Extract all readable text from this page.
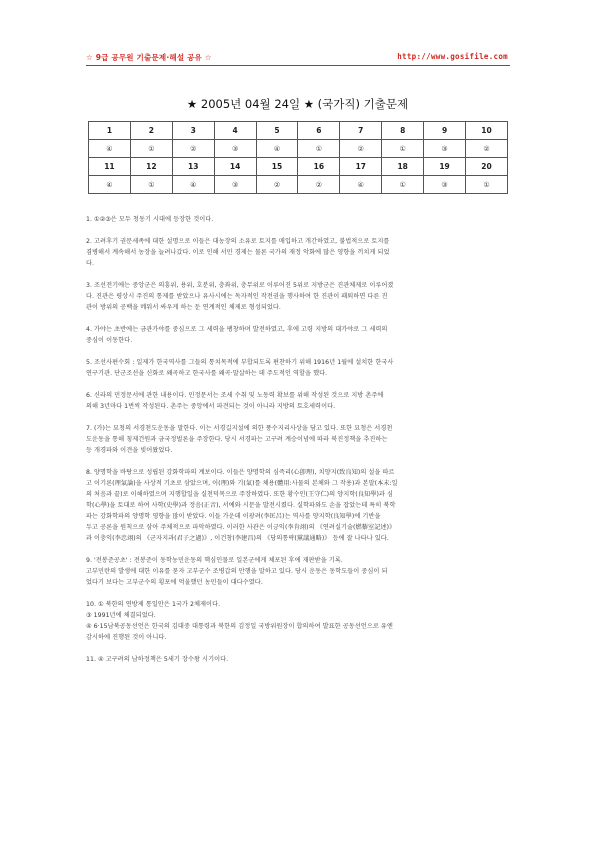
☆ 9급 공무원 기출문제·해설 공유 ☆	http://www.gosifile.com
★ 2005년 04월 24일 ★ (국가직) 기출문제
1	2	3	4	5	6	7	8	9	10
④	①	②	③	④	①	②	①	③	②
11	12	13	14	15	16	17	18	19	20
④	①	④	③	②	②	④	①	③	①
1. ①②③은 모두 청동기 시대에 등장한 것이다.
2. 고려후기 권문세족에 대한 설명으로 이들은 대농장의 소유로 토지를 매입하고 개간하였고, 불법적으로 토지를
겸병해서 계속해서 농장을 늘려나갔다. 이로 인해 서민 경제는 물론 국가의 재정 악화에 많은 영향을 끼치게 되었
다.
3. 조선전기에는 중앙군은 의흥위, 용위, 호분위, 충좌위, 충무위로 이루어진 5위로 지방군은 진관체제로 이루어졌
다. 진관은 평상시 주진의 통제를 받았으나 유사시에는 독자적인 작전권을 행사하여 한 진관이 패퇴하면 다른 진
관이 방위의 공백을 메워서 싸우게 하는 둔 연계적인 체제로 형성되었다.
4. 가야는 초반에는 금관가야를 중심으로 그 세력을 팽창하며 발전하였고, 후에 고령 지방의 대가야로 그 세력의
중심이 이동한다.
5. 조선사편수회 : 일제가 한국역사를 그들의 통치목적에 부합되도록 편찬하기 위해 1916년 1월에 설치한 한국사
연구기관. 단군조선을 신화로 왜곡하고 한국사를 왜곡·말살하는 데 주도적인 역할을 했다.
6. 신라의 민정문서에 관한 내용이다. 민정문서는 조세 수취 및 노동력 확보를 위해 작성된 것으로 지방 촌주에
의해 3년마다 1번씩 작성된다. 촌주는 중앙에서 파견되는 것이 아니라 지방의 토호세력이다.
7. (가)는 묘청의 서경천도운동을 말한다. 이는 서경길지설에 의한 풍수지리사상을 담고 있다. 또한 묘청은 서경천
도운동을 통해 칭제건원과 금국정벌론을 주장한다. 당시 서경파는 고구려 계승이념에 따라 북진정책을 추진하는
등 개경파와 이견을 빚어왔었다.
8. 양명학을 바탕으로 성립된 강화학파의 계보이다. 이들은 양명학의 심즉리(心卽理), 치양지(致良知)의 설을 따르
고 이기론(理氣論)을 사상적 기초로 삼았으며, 이(理)와 기(氣)를 체용(體用:사물의 본체와 그 작용)과 본말(本末:일
의 처음과 끝)로 이해하였으며 지행합일을 실천덕목으로 주장하였다. 또한 황수인(王守仁)의 양지학(良知學)과 심
학(心學)을 토대로 하여 사학(史學)과 정음(正音), 서예와 시문을 발전시켰다. 실학파와도 손을 잡았는데 특히 북학
파는 강화학파의 양명학 영향을 많이 받았다. 이들 가운데 이광려(李匡呂)는 역사를 양지학(良知學)에 기반을
두고 공론을 원칙으로 삼아 주체적으로 파악하였다. 이러한 사관은 이긍익(李肯翊)의 《연려실기술(燃藜室記述)》
과 이충익(李忠翊)의 《군자지과(君子之過)》, 이건창(李建昌)의 《당의통략(黨議通略)》 등에 잘 나타나 있다.
9. '전봉준공초' : 전봉준이 동학농민운동의 핵심인물로 일본군에게 체포된 후에 재판받을 기록.
고부민란의 발생에 대한 이유를 묻자 고부군수 조병갑의 만행을 말하고 있다. 당시 운동은 동학도들이 중심이 되
었다기 보다는 고부군수의 횡포에 억울했던 농민들이 대다수였다.
10. ① 북한의 연방제 통일안은 1국가 2체제이다.
③ 1991년에 체결되었다.
④ 6·15남북공동선언은 한국의 김대중 대통령과 북한의 김정일 국방위원장이 합의하여 발표한 공동선언으로 유엔
감시하에 진행된 것이 아니다.
11. ④ 고구려의 남하정책은 5세기 장수왕 시기이다.
